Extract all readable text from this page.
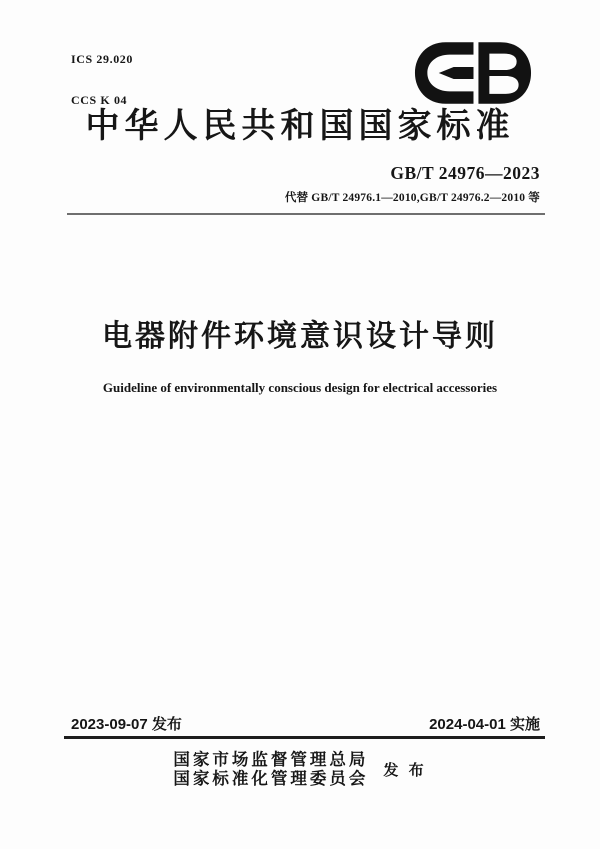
ICS 29.020

CCS K 04

中华人民共和国国家标准
GB/T 24976—2023
代替 GB/T 24976.1—2010,GB/T 24976.2—2010 等
电器附件环境意识设计导则
Guideline of environmentally conscious design for electrical accessories
2023-09-07 发布	2024-04-01 实施
国家市场监督管理总局
国家标准化管理委员会 发 布
